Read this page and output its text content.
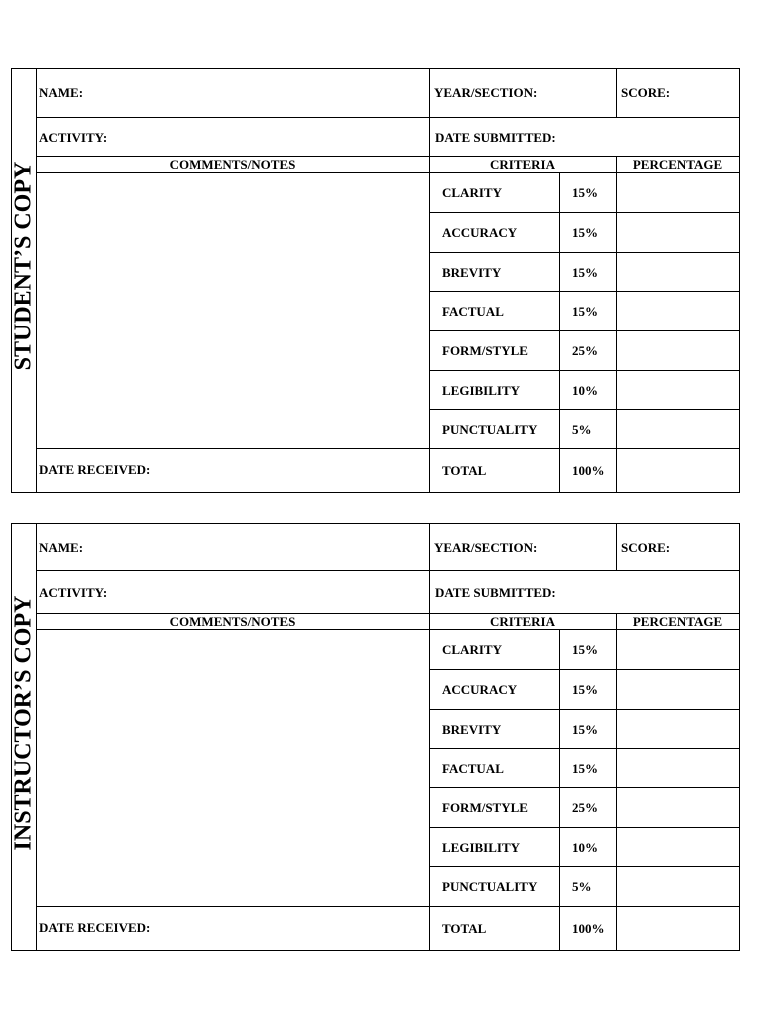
STUDENT’S COPY
NAME:	YEAR/SECTION:	SCORE:
ACTIVITY:	DATE SUBMITTED:
COMMENTS/NOTES	CRITERIA	PERCENTAGE
CLARITY	15%
ACCURACY	15%
BREVITY	15%
FACTUAL	15%
FORM/STYLE	25%
LEGIBILITY	10%
PUNCTUALITY	5%
DATE RECEIVED:	TOTAL	100%
INSTRUCTOR’S COPY
NAME:	YEAR/SECTION:	SCORE:
ACTIVITY:	DATE SUBMITTED:
COMMENTS/NOTES	CRITERIA	PERCENTAGE
CLARITY	15%
ACCURACY	15%
BREVITY	15%
FACTUAL	15%
FORM/STYLE	25%
LEGIBILITY	10%
PUNCTUALITY	5%
DATE RECEIVED:	TOTAL	100%
